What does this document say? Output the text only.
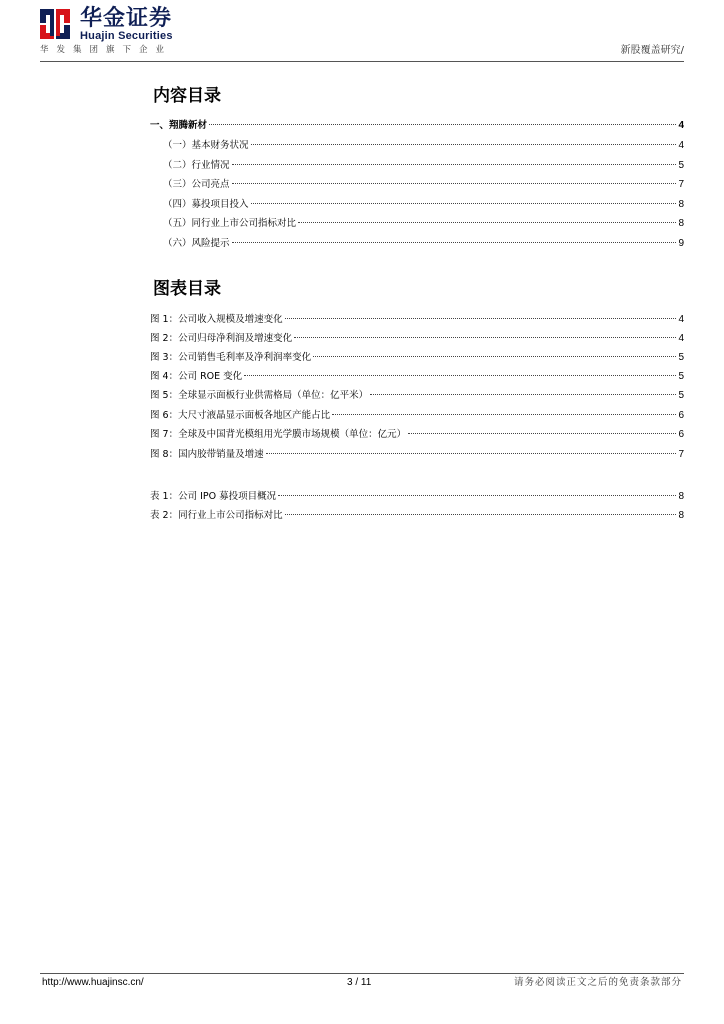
华金证券
Huajin Securities
华发集团旗下企业	新股覆盖研究/
内容目录
一、翔腾新材	4
（一）基本财务状况	4
（二）行业情况	5
（三）公司亮点	7
（四）募投项目投入	8
（五）同行业上市公司指标对比	8
（六）风险提示	9
图表目录
图 1：公司收入规模及增速变化	4
图 2：公司归母净利润及增速变化	4
图 3：公司销售毛利率及净利润率变化	5
图 4：公司 ROE 变化	5
图 5：全球显示面板行业供需格局（单位：亿平米）	5
图 6：大尺寸液晶显示面板各地区产能占比	6
图 7：全球及中国背光模组用光学膜市场规模（单位：亿元）	6
图 8：国内胶带销量及增速	7
表 1：公司 IPO 募投项目概况	8
表 2：同行业上市公司指标对比	8
http://www.huajinsc.cn/	3 / 11	请务必阅读正文之后的免责条款部分
